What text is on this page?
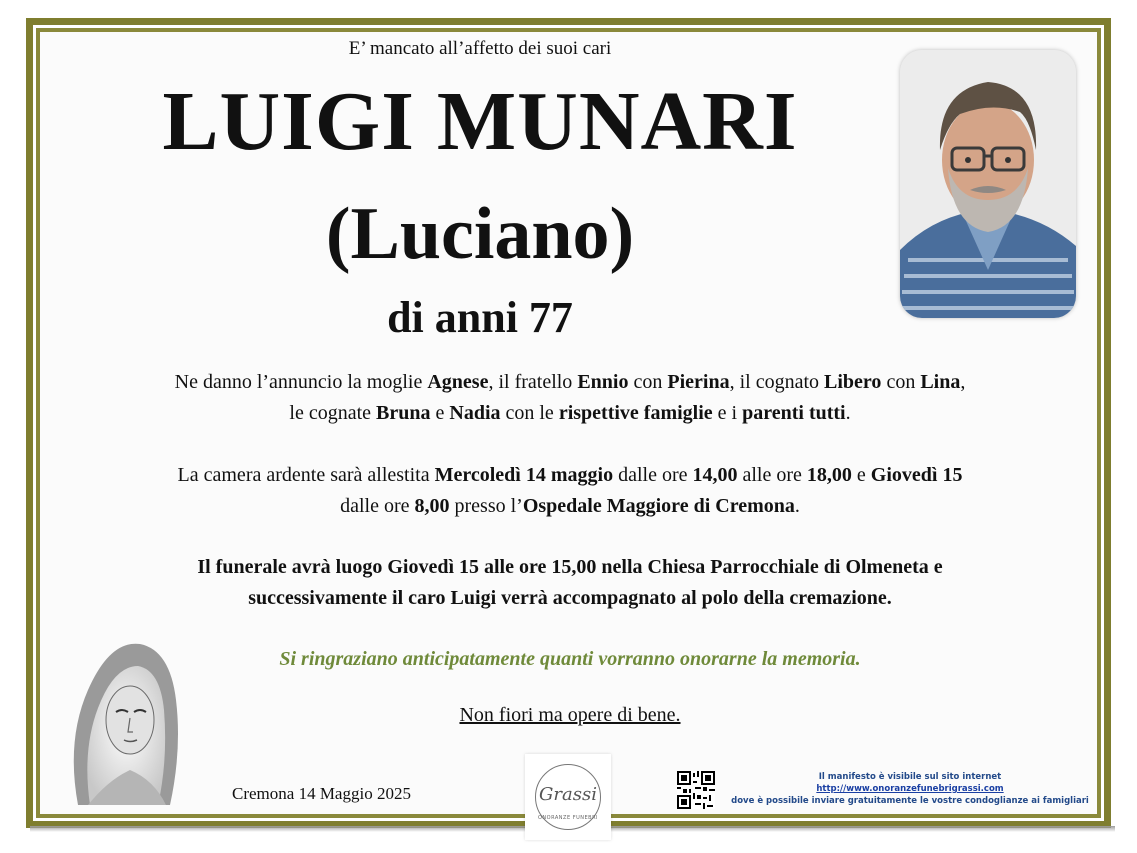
E’ mancato all’affetto dei suoi cari
LUIGI MUNARI
(Luciano)
di anni 77
Ne danno l’annuncio la moglie Agnese, il fratello Ennio con Pierina, il cognato Libero con Lina,
le cognate Bruna e Nadia con le rispettive famiglie e i parenti tutti.
La camera ardente sarà allestita Mercoledì 14 maggio dalle ore 14,00 alle ore 18,00 e Giovedì 15
dalle ore 8,00 presso l’Ospedale Maggiore di Cremona.
Il funerale avrà luogo Giovedì 15 alle ore 15,00 nella Chiesa Parrocchiale di Olmeneta e
successivamente il caro Luigi verrà accompagnato al polo della cremazione.
Si ringraziano anticipatamente quanti vorranno onorarne la memoria.
Non fiori ma opere di bene.
Cremona 14 Maggio 2025	Grassi
ONORANZE FUNEBRI
Il manifesto è visibile sul sito internet http://www.onoranzefunebrigrassi.com
dove è possibile inviare gratuitamente le vostre condoglianze ai famigliari
